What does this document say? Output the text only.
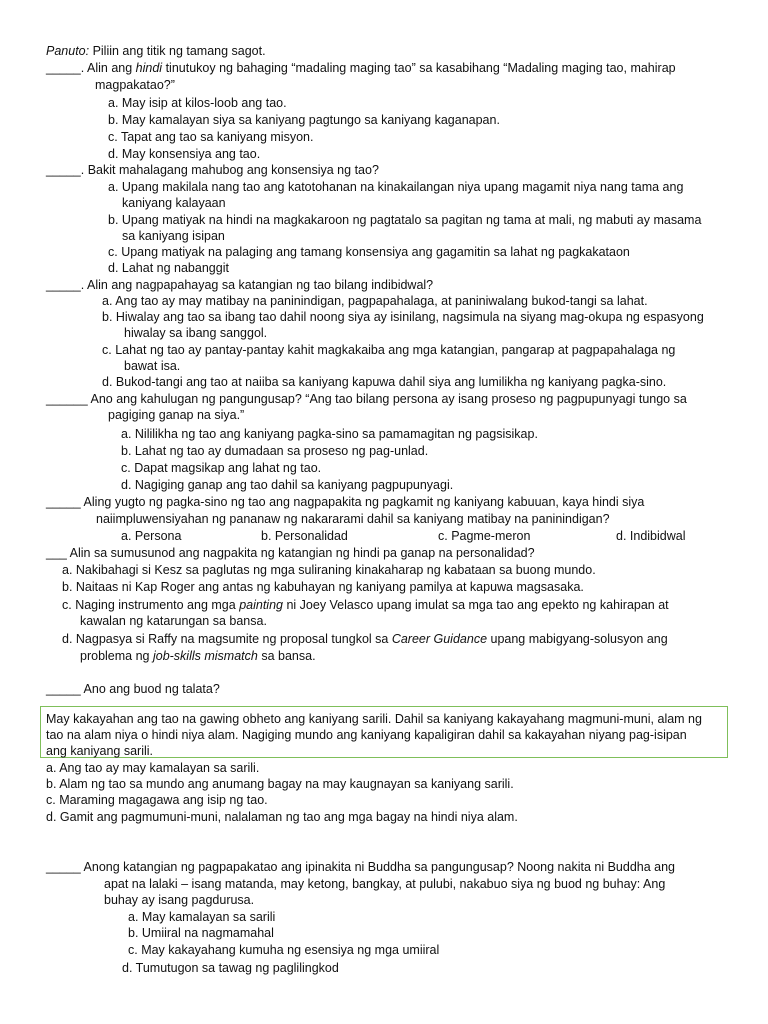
Panuto: Piliin ang titik ng tamang sagot.
_____. Alin ang hindi tinutukoy ng bahaging “madaling maging tao” sa kasabihang “Madaling maging tao, mahirap
magpakatao?”
a. May isip at kilos-loob ang tao.
b. May kamalayan siya sa kaniyang pagtungo sa kaniyang kaganapan.
c. Tapat ang tao sa kaniyang misyon.
d. May konsensiya ang tao.
_____. Bakit mahalagang mahubog ang konsensiya ng tao?
a. Upang makilala nang tao ang katotohanan na kinakailangan niya upang magamit niya nang tama ang
kaniyang kalayaan
b. Upang matiyak na hindi na magkakaroon ng pagtatalo sa pagitan ng tama at mali, ng mabuti ay masama
sa kaniyang isipan
c. Upang matiyak na palaging ang tamang konsensiya ang gagamitin sa lahat ng pagkakataon
d. Lahat ng nabanggit
_____. Alin ang nagpapahayag sa katangian ng tao bilang indibidwal?
a. Ang tao ay may matibay na paninindigan, pagpapahalaga, at paniniwalang bukod-tangi sa lahat.
b. Hiwalay ang tao sa ibang tao dahil noong siya ay isinilang, nagsimula na siyang mag-okupa ng espasyong
hiwalay sa ibang sanggol.
c. Lahat ng tao ay pantay-pantay kahit magkakaiba ang mga katangian, pangarap at pagpapahalaga ng
bawat isa.
d. Bukod-tangi ang tao at naiiba sa kaniyang kapuwa dahil siya ang lumilikha ng kaniyang pagka-sino.
______ Ano ang kahulugan ng pangungusap? “Ang tao bilang persona ay isang proseso ng pagpupunyagi tungo sa
pagiging ganap na siya.”
a. Nililikha ng tao ang kaniyang pagka-sino sa pamamagitan ng pagsisikap.
b. Lahat ng tao ay dumadaan sa proseso ng pag-unlad.
c. Dapat magsikap ang lahat ng tao.
d. Nagiging ganap ang tao dahil sa kaniyang pagpupunyagi.
_____ Aling yugto ng pagka-sino ng tao ang nagpapakita ng pagkamit ng kaniyang kabuuan, kaya hindi siya
naiimpluwensiyahan ng pananaw ng nakararami dahil sa kaniyang matibay na paninindigan?
a. Persona	b. Personalidad	c. Pagme-meron	d. Indibidwal
___ Alin sa sumusunod ang nagpakita ng katangian ng hindi pa ganap na personalidad?
a. Nakibahagi si Kesz sa paglutas ng mga suliraning kinakaharap ng kabataan sa buong mundo.
b. Naitaas ni Kap Roger ang antas ng kabuhayan ng kaniyang pamilya at kapuwa magsasaka.
c. Naging instrumento ang mga painting ni Joey Velasco upang imulat sa mga tao ang epekto ng kahirapan at
kawalan ng katarungan sa bansa.
d. Nagpasya si Raffy na magsumite ng proposal tungkol sa Career Guidance upang mabigyang-solusyon ang
problema ng job-skills mismatch sa bansa.
_____ Ano ang buod ng talata?
May kakayahan ang tao na gawing obheto ang kaniyang sarili. Dahil sa kaniyang kakayahang magmuni-muni, alam ng
tao na alam niya o hindi niya alam. Nagiging mundo ang kaniyang kapaligiran dahil sa kakayahan niyang pag-isipan
ang kaniyang sarili.
a. Ang tao ay may kamalayan sa sarili.
b. Alam ng tao sa mundo ang anumang bagay na may kaugnayan sa kaniyang sarili.
c. Maraming magagawa ang isip ng tao.
d. Gamit ang pagmumuni-muni, nalalaman ng tao ang mga bagay na hindi niya alam.
_____ Anong katangian ng pagpapakatao ang ipinakita ni Buddha sa pangungusap? Noong nakita ni Buddha ang
apat na lalaki – isang matanda, may ketong, bangkay, at pulubi, nakabuo siya ng buod ng buhay: Ang
buhay ay isang pagdurusa.
a. May kamalayan sa sarili
b. Umiiral na nagmamahal
c. May kakayahang kumuha ng esensiya ng mga umiiral
d. Tumutugon sa tawag ng paglilingkod
